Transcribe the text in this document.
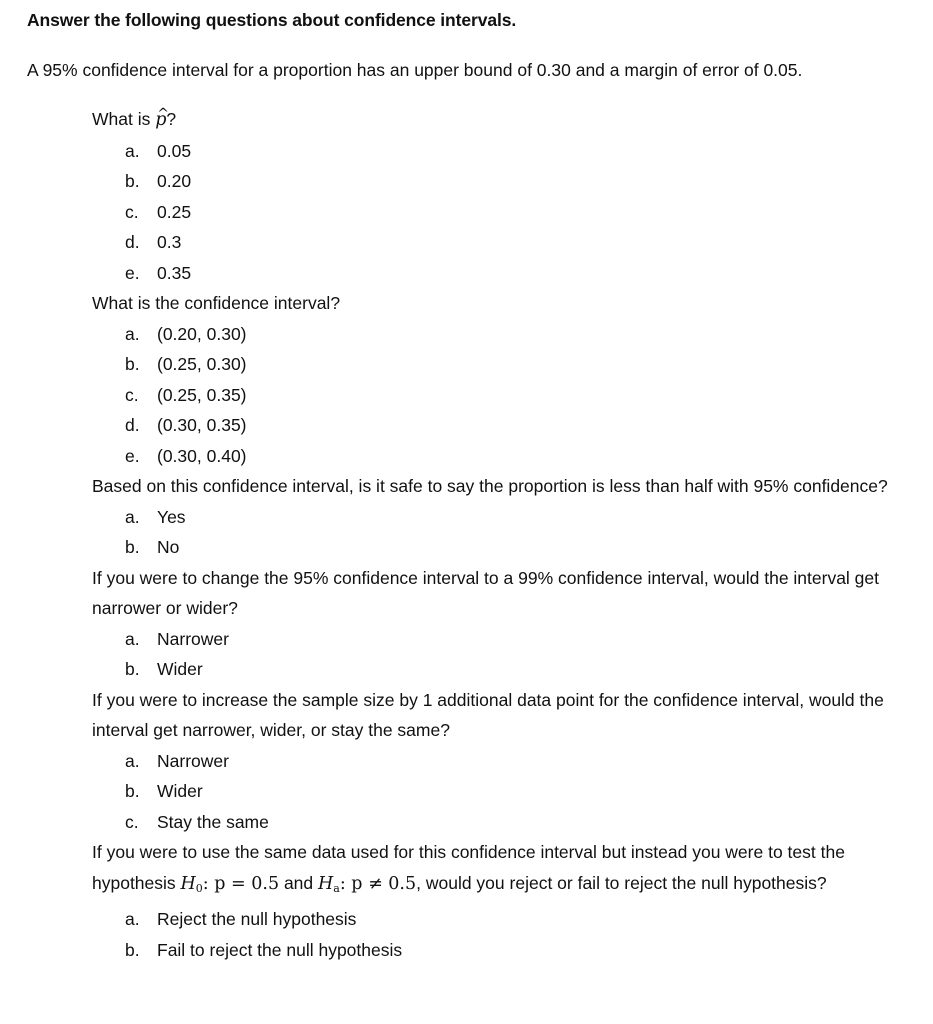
Answer the following questions about confidence intervals.
A 95% confidence interval for a proportion has an upper bound of 0.30 and a margin of error of 0.05.

What is ^ p?

a. 0.05
b. 0.20
c. 0.25
d. 0.3
e. 0.35

What is the confidence interval?

a. (0.20, 0.30)
b. (0.25, 0.30)
c. (0.25, 0.35)
d. (0.30, 0.35)
e. (0.30, 0.40)

Based on this confidence interval, is it safe to say the proportion is less than half with 95% confidence?

a. Yes
b. No

If you were to change the 95% confidence interval to a 99% confidence interval, would the interval get narrower or wider?

a. Narrower
b. Wider

If you were to increase the sample size by 1 additional data point for the confidence interval, would the interval get narrower, wider, or stay the same?

a. Narrower
b. Wider
c. Stay the same

If you were to use the same data used for this confidence interval but instead you were to test the hypothesis $H_0$: p = 0.5 and $H_a$: p ≠ 0.5, would you reject or fail to reject the null hypothesis?

a. Reject the null hypothesis
b. Fail to reject the null hypothesis
